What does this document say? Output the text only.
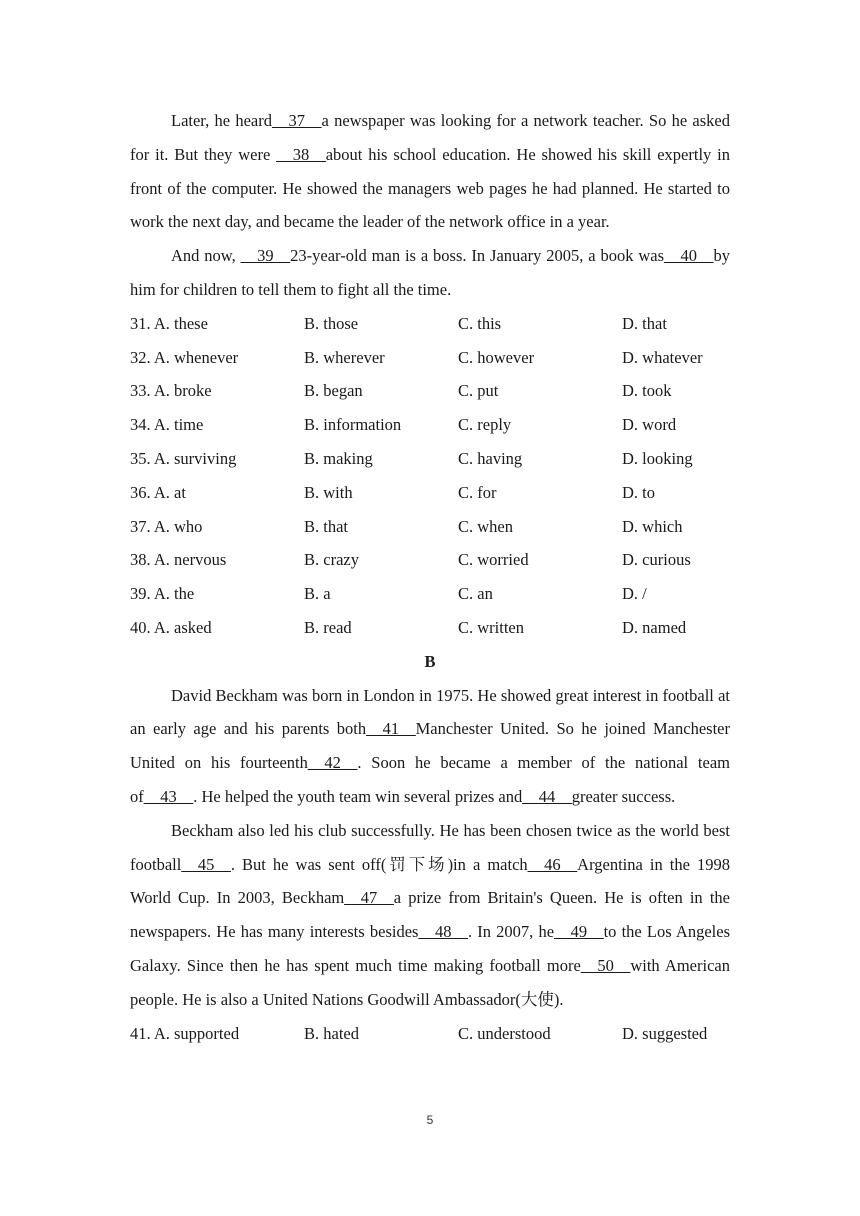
Later, he heard__37__a newspaper was looking for a network teacher. So he asked for it. But they were __38__about his school education. He showed his skill expertly in front of the computer. He showed the managers web pages he had planned. He started to work the next day, and became the leader of the network office in a year.

And now, __39__23-year-old man is a boss. In January 2005, a book was__40__by him for children to tell them to fight all the time.

31. A. these	B. those	C. this	D. that
32. A. whenever	B. wherever	C. however	D. whatever
33. A. broke	B. began	C. put	D. took
34. A. time	B. information	C. reply	D. word
35. A. surviving	B. making	C. having	D. looking
36. A. at	B. with	C. for	D. to
37. A. who	B. that	C. when	D. which
38. A. nervous	B. crazy	C. worried	D. curious
39. A. the	B. a	C. an	D. /
40. A. asked	B. read	C. written	D. named
B

David Beckham was born in London in 1975. He showed great interest in football at an early age and his parents both__41__Manchester United. So he joined Manchester United on his fourteenth__42__. Soon he became a member of the national team of__43__. He helped the youth team win several prizes and__44__greater success.

Beckham also led his club successfully. He has been chosen twice as the world best football__45__. But he was sent off(罚下场)in a match__46__Argentina in the 1998 World Cup. In 2003, Beckham__47__a prize from Britain's Queen. He is often in the newspapers. He has many interests besides__48__. In 2007, he__49__to the Los Angeles Galaxy. Since then he has spent much time making football more__50__with American people. He is also a United Nations Goodwill Ambassador(大使).

41. A. supported	B. hated	C. understood	D. suggested
5
